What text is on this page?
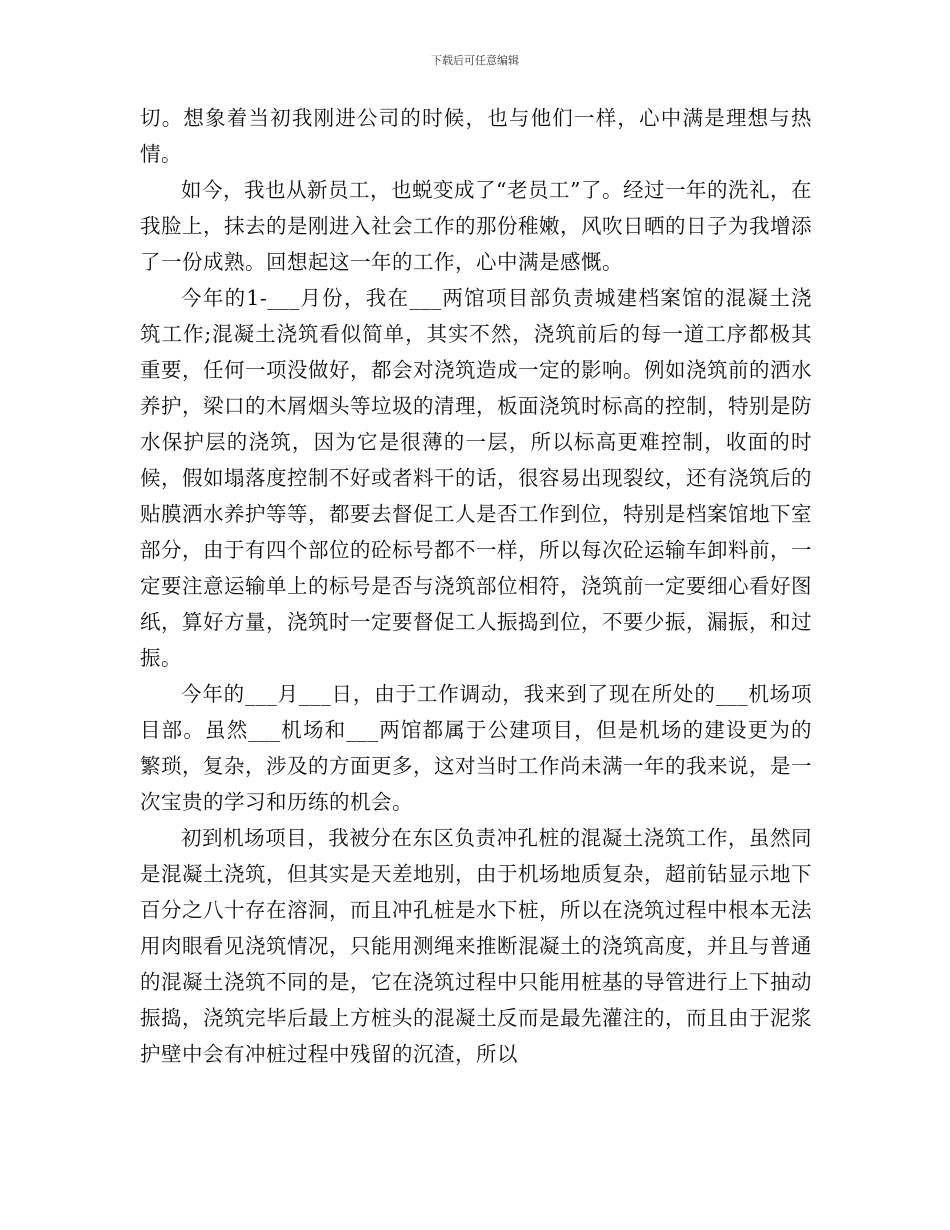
下载后可任意编辑

切。想象着当初我刚进公司的时候，也与他们一样，心中满是理想与热情。

如今，我也从新员工，也蜕变成了“老员工”了。经过一年的洗礼，在我脸上，抹去的是刚进入社会工作的那份稚嫩，风吹日晒的日子为我增添了一份成熟。回想起这一年的工作，心中满是感慨。

今年的1-___月份，我在___两馆项目部负责城建档案馆的混凝土浇筑工作;混凝土浇筑看似简单，其实不然，浇筑前后的每一道工序都极其重要，任何一项没做好，都会对浇筑造成一定的影响。例如浇筑前的洒水养护，梁口的木屑烟头等垃圾的清理，板面浇筑时标高的控制，特别是防水保护层的浇筑，因为它是很薄的一层，所以标高更难控制，收面的时候，假如塌落度控制不好或者料干的话，很容易出现裂纹，还有浇筑后的贴膜洒水养护等等，都要去督促工人是否工作到位，特别是档案馆地下室部分，由于有四个部位的砼标号都不一样，所以每次砼运输车卸料前，一定要注意运输单上的标号是否与浇筑部位相符，浇筑前一定要细心看好图纸，算好方量，浇筑时一定要督促工人振捣到位，不要少振，漏振，和过振。

今年的___月___日，由于工作调动，我来到了现在所处的___机场项目部。虽然___机场和___两馆都属于公建项目，但是机场的建设更为的繁琐，复杂，涉及的方面更多，这对当时工作尚未满一年的我来说，是一次宝贵的学习和历练的机会。

初到机场项目，我被分在东区负责冲孔桩的混凝土浇筑工作，虽然同是混凝土浇筑，但其实是天差地别，由于机场地质复杂，超前钻显示地下百分之八十存在溶洞，而且冲孔桩是水下桩，所以在浇筑过程中根本无法用肉眼看见浇筑情况，只能用测绳来推断混凝土的浇筑高度，并且与普通的混凝土浇筑不同的是，它在浇筑过程中只能用桩基的导管进行上下抽动振捣，浇筑完毕后最上方桩头的混凝土反而是最先灌注的，而且由于泥浆护壁中会有冲桩过程中残留的沉渣，所以
